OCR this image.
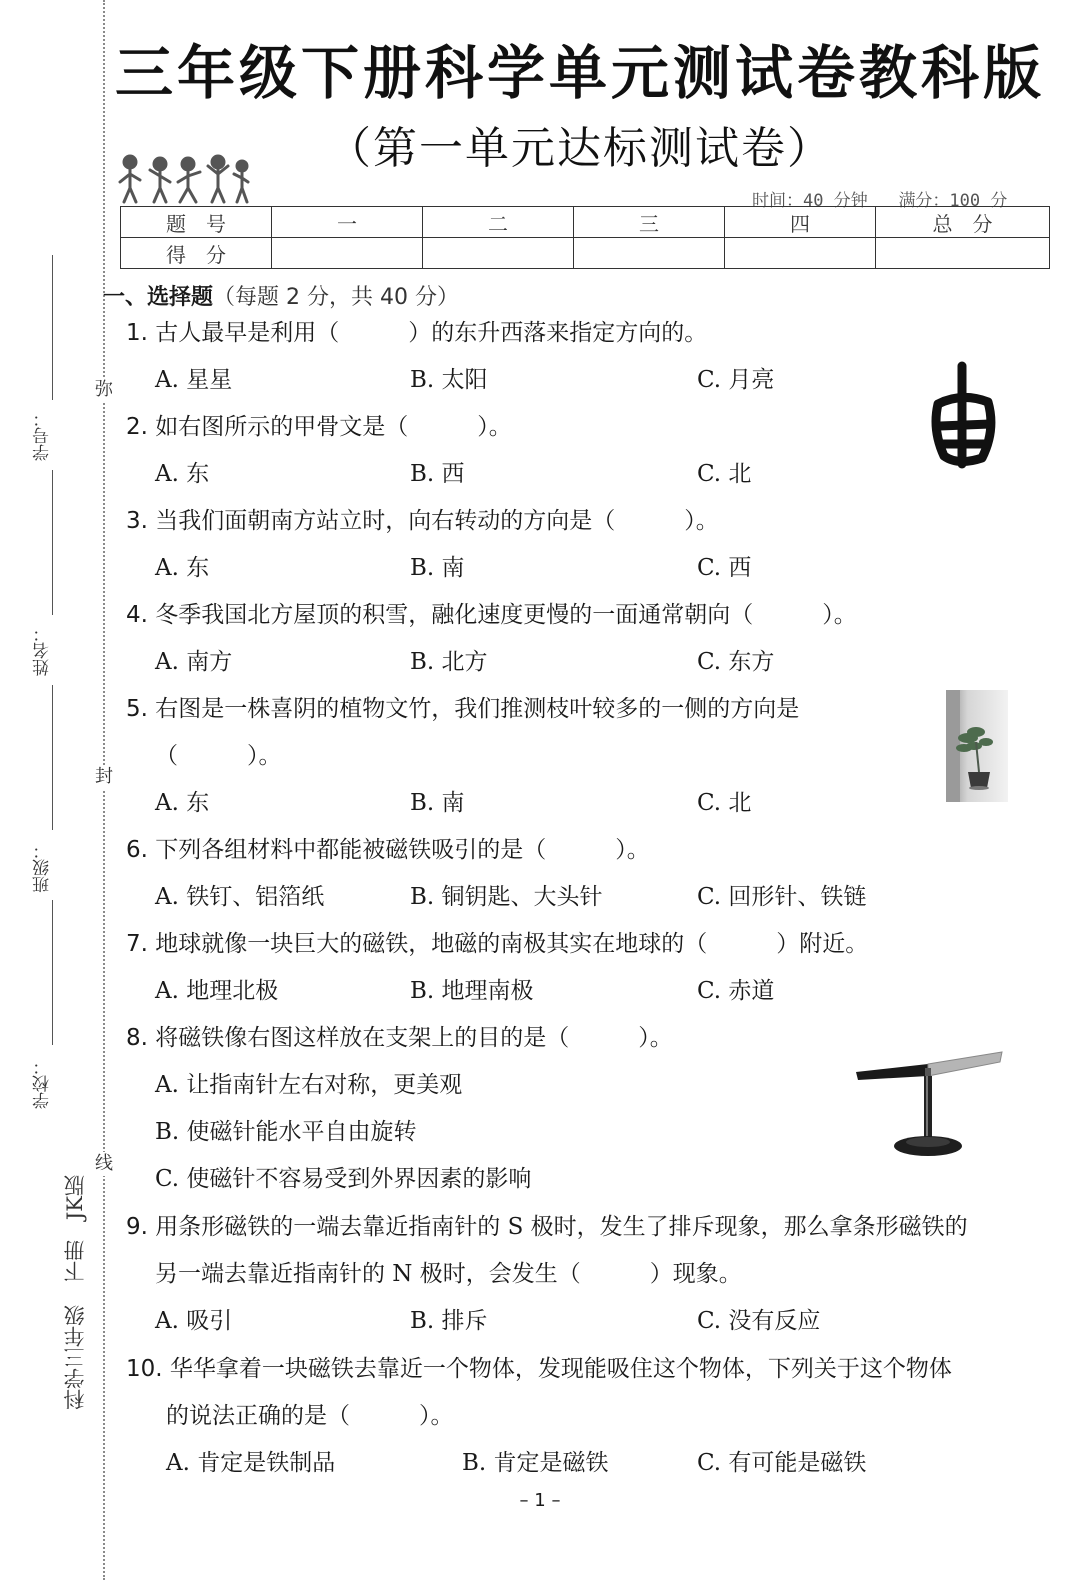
弥
封
线
学号：
姓名：
班级：
学校：
JK版
下册
科学三年级
三年级下册科学单元测试卷教科版
（第一单元达标测试卷）
时间：40 分钟 满分：100 分
题　号	一	二	三	四	总　分
得　分					
一、选择题（每题 2 分，共 40 分）
1. 古人最早是利用（　　　）的东升西落来指定方向的。
A. 星星	B. 太阳	C. 月亮
2. 如右图所示的甲骨文是（　　　）。
A. 东	B. 西	C. 北
3. 当我们面朝南方站立时，向右转动的方向是（　　　）。
A. 东	B. 南	C. 西
4. 冬季我国北方屋顶的积雪，融化速度更慢的一面通常朝向（　　　）。
A. 南方	B. 北方	C. 东方
5. 右图是一株喜阴的植物文竹，我们推测枝叶较多的一侧的方向是
（　　　）。
A. 东	B. 南	C. 北
6. 下列各组材料中都能被磁铁吸引的是（　　　）。
A. 铁钉、铝箔纸	B. 铜钥匙、大头针	C. 回形针、铁链
7. 地球就像一块巨大的磁铁，地磁的南极其实在地球的（　　　）附近。
A. 地理北极	B. 地理南极	C. 赤道
8. 将磁铁像右图这样放在支架上的目的是（　　　）。
A. 让指南针左右对称，更美观
B. 使磁针能水平自由旋转
C. 使磁针不容易受到外界因素的影响
9. 用条形磁铁的一端去靠近指南针的 S 极时，发生了排斥现象，那么拿条形磁铁的
另一端去靠近指南针的 N 极时，会发生（　　　）现象。
A. 吸引	B. 排斥	C. 没有反应
10. 华华拿着一块磁铁去靠近一个物体，发现能吸住这个物体，下列关于这个物体
的说法正确的是（　　　）。
A. 肯定是铁制品	B. 肯定是磁铁	C. 有可能是磁铁
– 1 –
